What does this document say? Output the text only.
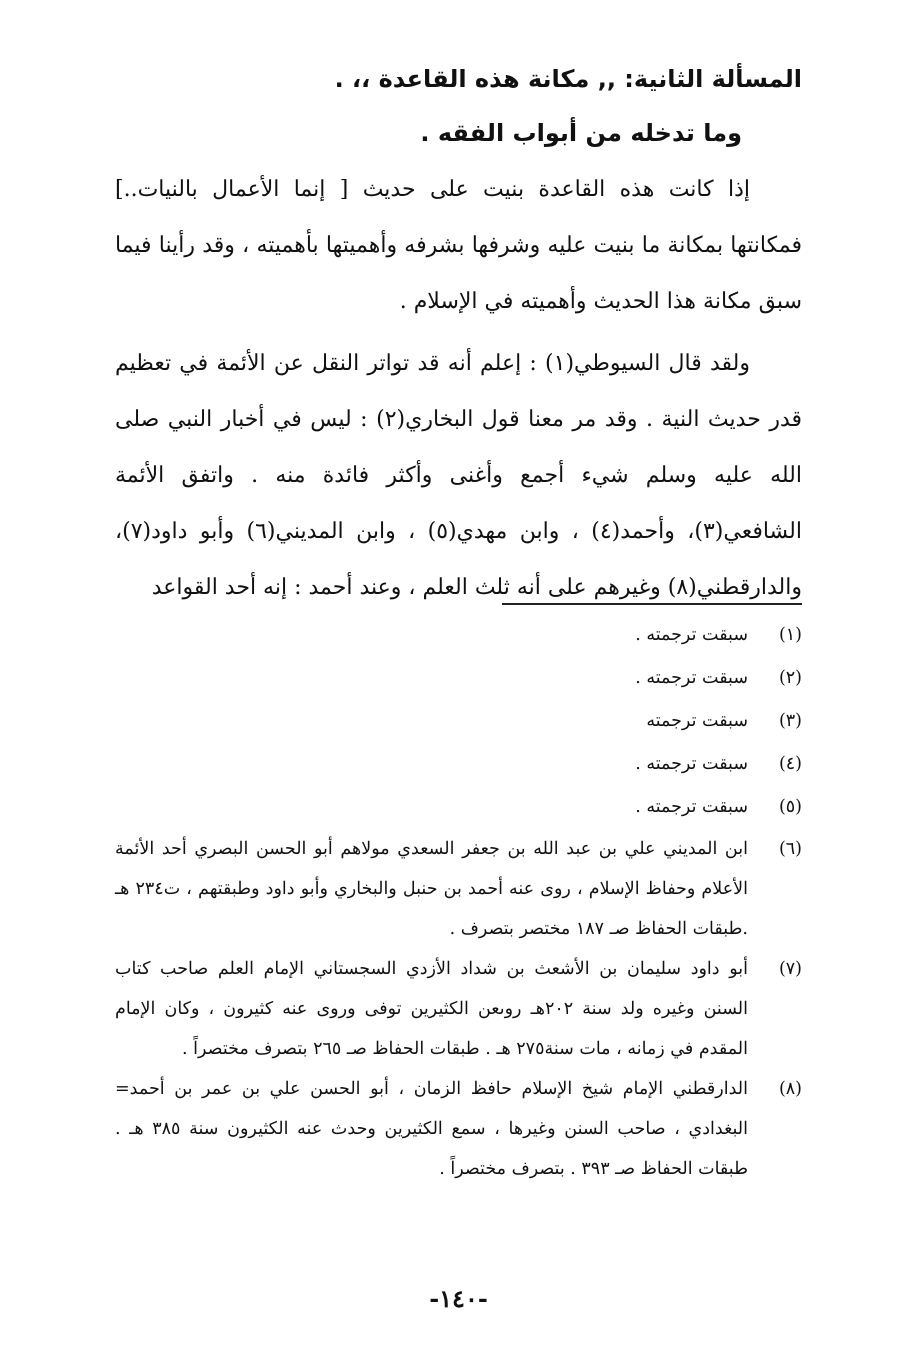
المسألة الثانية: ,, مكانة هذه القاعدة ،، .
وما تدخله من أبواب الفقه .

إذا كانت هذه القاعدة بنيت على حديث [ إنما الأعمال بالنيات..] فمكانتها بمكانة ما بنيت عليه وشرفها بشرفه وأهميتها بأهميته ، وقد رأينا فيما سبق مكانة هذا الحديث وأهميته في الإسلام .

ولقد قال السيوطي(١) : إعلم أنه قد تواتر النقل عن الأئمة في تعظيم قدر حديث النية . وقد مر معنا قول البخاري(٢) : ليس في أخبار النبي صلى الله عليه وسلم شيء أجمع وأغنى وأكثر فائدة منه . واتفق الأئمة الشافعي(٣)، وأحمد(٤) ، وابن مهدي(٥) ، وابن المديني(٦) وأبو داود(٧)، والدارقطني(٨) وغيرهم على أنه ثلث العلم ، وعند أحمد : إنه أحد القواعد

(١)
سبقت ترجمته .
(٢)
سبقت ترجمته .
(٣)
سبقت ترجمته
(٤)
سبقت ترجمته .
(٥)
سبقت ترجمته .
(٦)
ابن المديني علي بن عبد الله بن جعفر السعدي مولاهم أبو الحسن البصري أحد الأئمة الأعلام وحفاظ الإسلام ، روى عنه أحمد بن حنبل والبخاري وأبو داود وطبقتهم ، ت٢٣٤ هـ .طبقات الحفاظ صـ ١٨٧ مختصر بتصرف .
(٧)
أبو داود سليمان بن الأشعث بن شداد الأزدي السجستاني الإمام العلم صاحب كتاب السنن وغيره ولد سنة ٢٠٢هـ روىعن الكثيرين توفى وروى عنه كثيرون ، وكان الإمام المقدم في زمانه ، مات سنة٢٧٥ هـ . طبقات الحفاظ صـ ٢٦٥ بتصرف مختصراً .
(٨)
الدارقطني الإمام شيخ الإسلام حافظ الزمان ، أبو الحسن علي بن عمر بن أحمد= البغدادي ، صاحب السنن وغيرها ، سمع الكثيرين وحدث عنه الكثيرون سنة ٣٨٥ هـ . طبقات الحفاظ صـ ٣٩٣ . بتصرف مختصراً .
-١٤٠-
